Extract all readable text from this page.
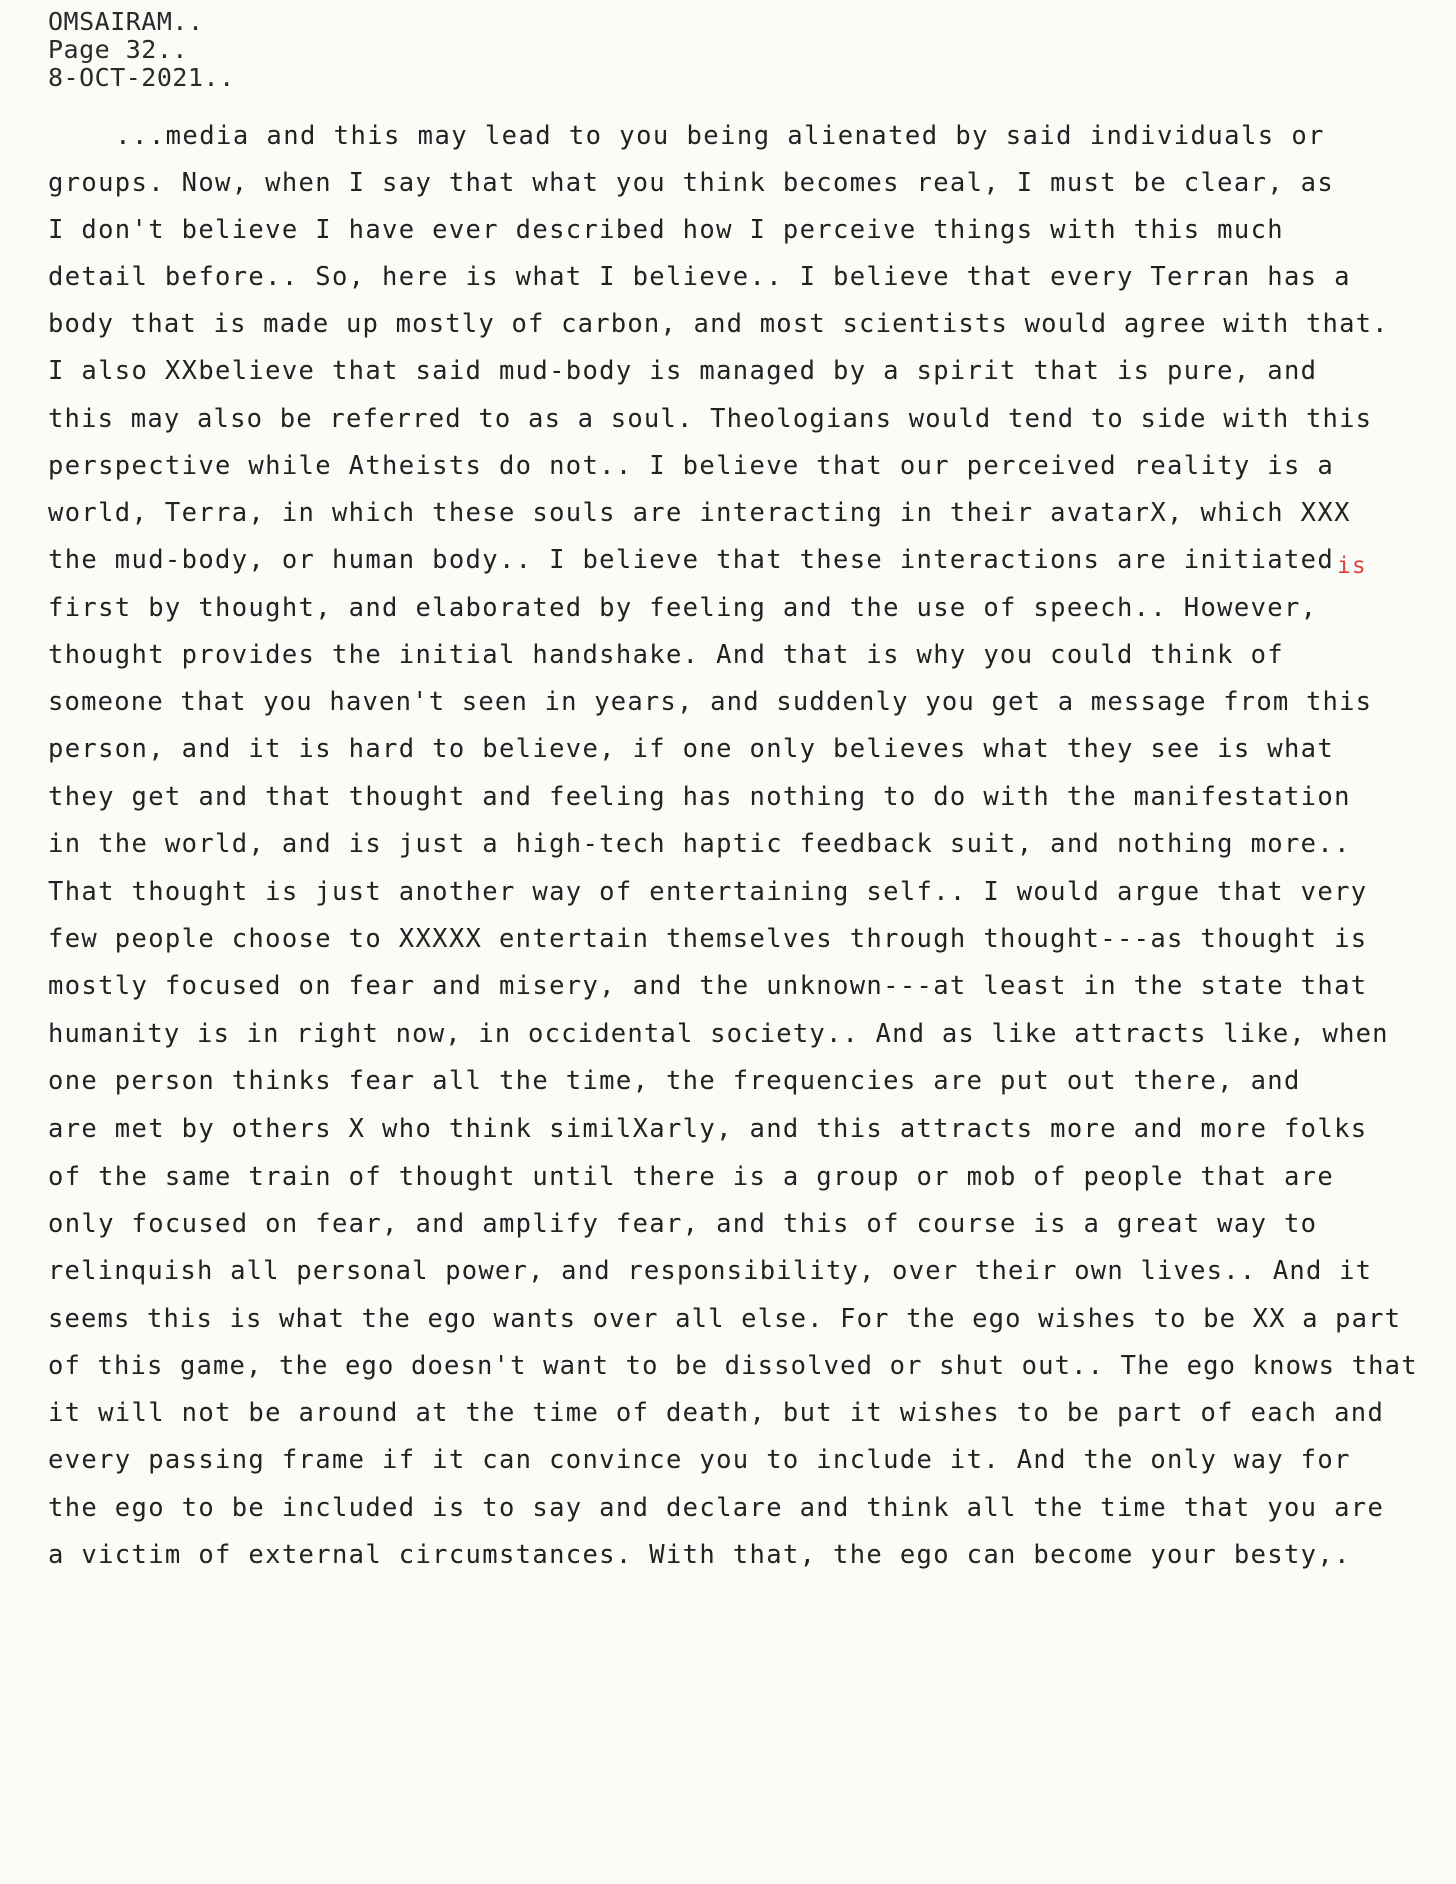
OMSAIRAM..
Page 32..
8-OCT-2021..
...media and this may lead to you being alienated by said individuals or
groups. Now, when I say that what you think becomes real, I must be clear, as
I don't believe I have ever described how I perceive things with this much
detail before.. So, here is what I believe.. I believe that every Terran has a
body that is made up mostly of carbon, and most scientists would agree with that.
I also XXbelieve that said mud-body is managed by a spirit that is pure, and
this may also be referred to as a soul. Theologians would tend to side with this
perspective while Atheists do not.. I believe that our perceived reality is a
world, Terra, in which these souls are interacting in their avatarX, which XXX
the mud-body, or human body.. I believe that these interactions are initiated
first by thought, and elaborated by feeling and the use of speech.. However,
thought provides the initial handshake. And that is why you could think of
someone that you haven't seen in years, and suddenly you get a message from this
person, and it is hard to believe, if one only believes what they see is what
they get and that thought and feeling has nothing to do with the manifestation
in the world, and is just a high-tech haptic feedback suit, and nothing more..
That thought is just another way of entertaining self.. I would argue that very
few people choose to XXXXX entertain themselves through thought---as thought is
mostly focused on fear and misery, and the unknown---at least in the state that
humanity is in right now, in occidental society.. And as like attracts like, when
one person thinks fear all the time, the frequencies are put out there, and
are met by others X who think similXarly, and this attracts more and more folks
of the same train of thought until there is a group or mob of people that are
only focused on fear, and amplify fear, and this of course is a great way to
relinquish all personal power, and responsibility, over their own lives.. And it
seems this is what the ego wants over all else. For the ego wishes to be XX a part
of this game, the ego doesn't want to be dissolved or shut out.. The ego knows that
it will not be around at the time of death, but it wishes to be part of each and
every passing frame if it can convince you to include it. And the only way for
the ego to be included is to say and declare and think all the time that you are
a victim of external circumstances. With that, the ego can become your besty,.
is
